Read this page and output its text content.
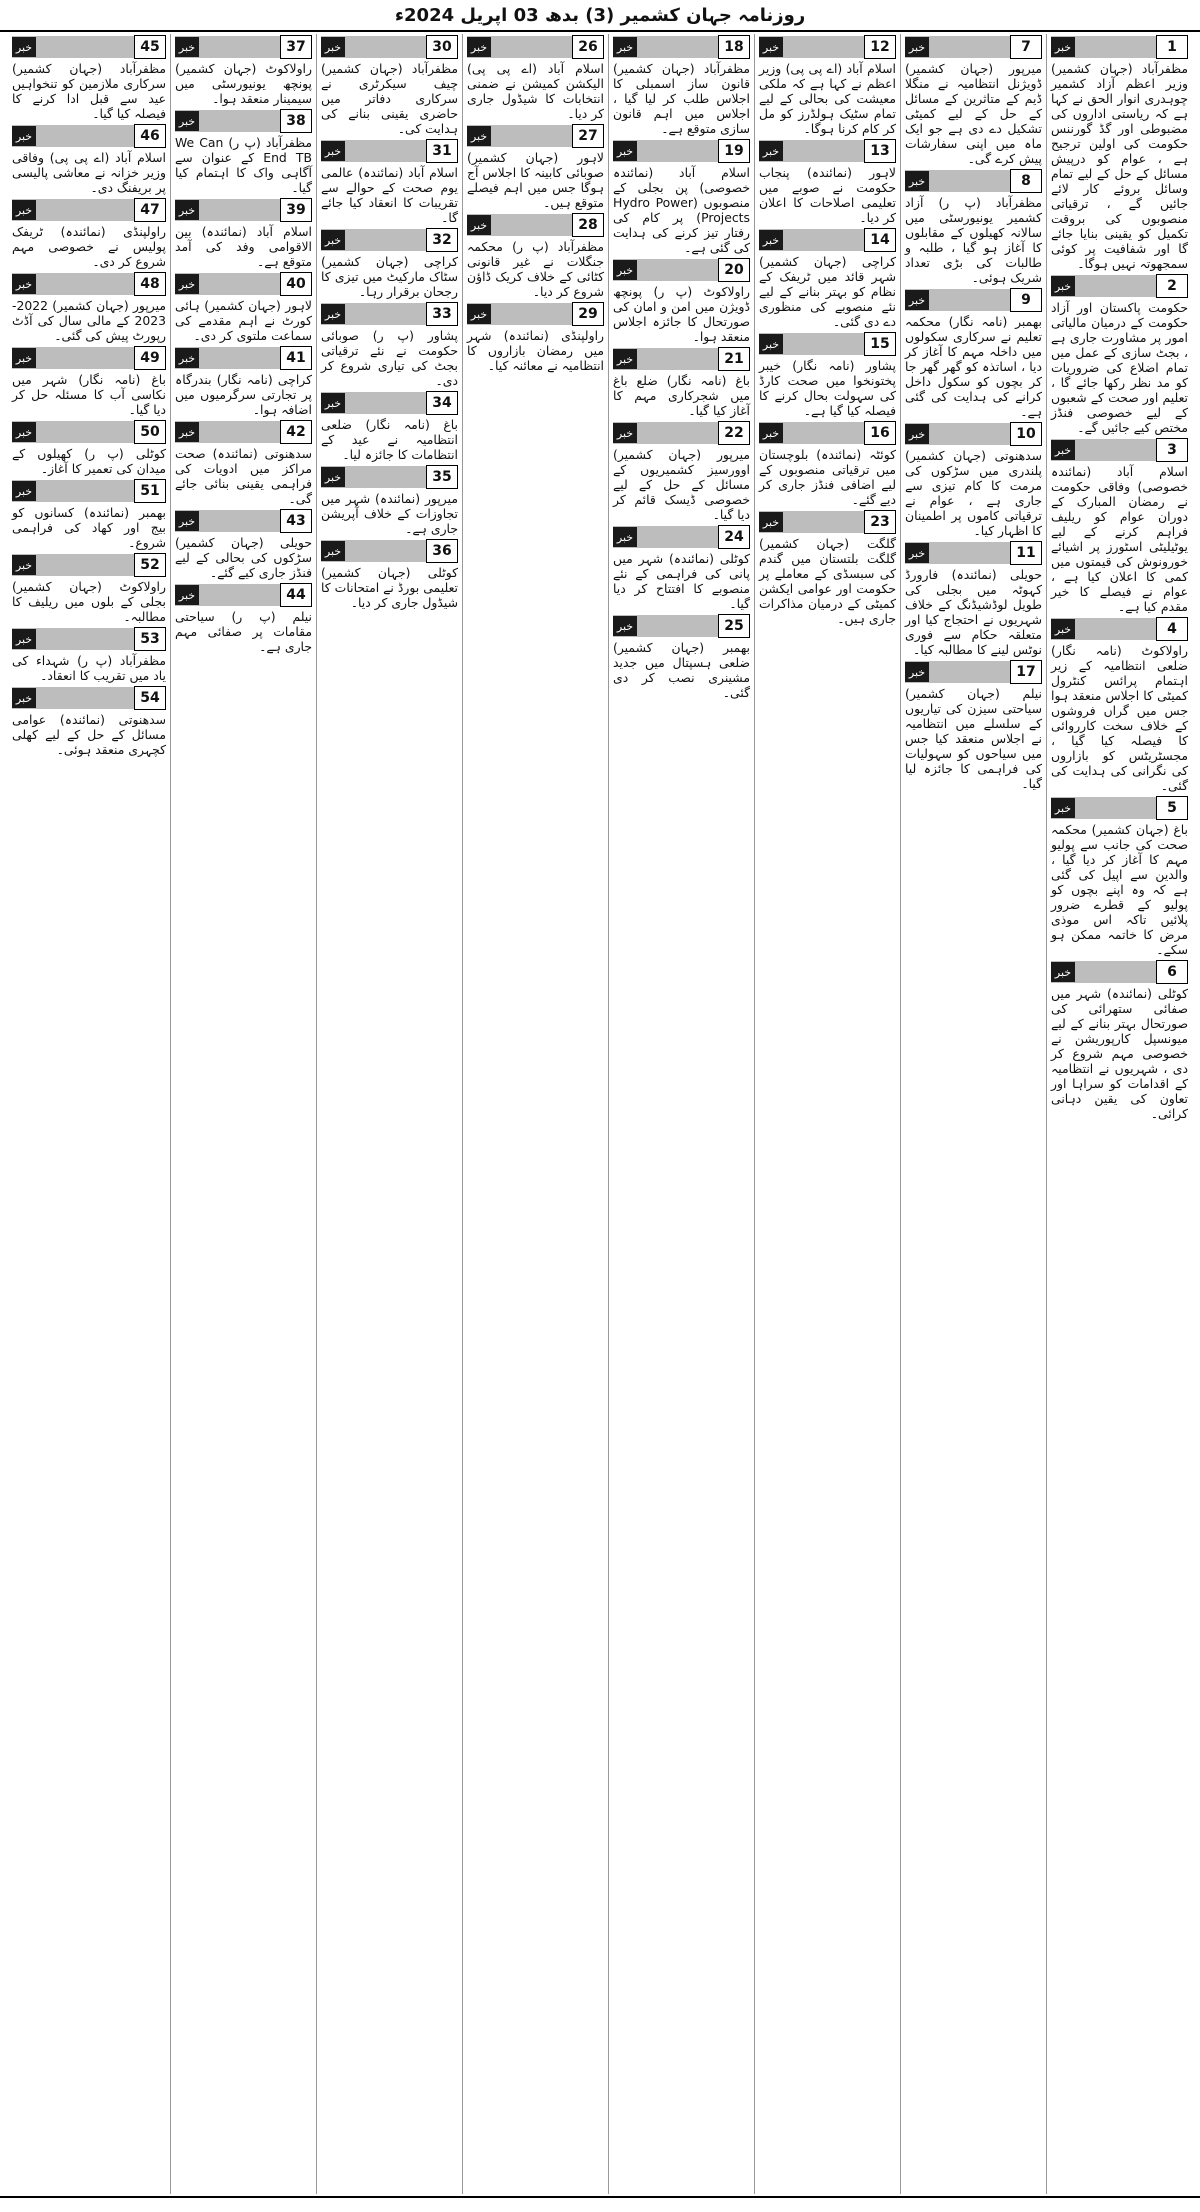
روزنامہ جہان کشمیر (3) بدھ 03 اپریل 2024ء
1
خبر
مظفرآباد (جہان کشمیر) وزیر اعظم آزاد کشمیر چوہدری انوار الحق نے کہا ہے کہ ریاستی اداروں کی مضبوطی اور گڈ گورننس حکومت کی اولین ترجیح ہے ، عوام کو درپیش مسائل کے حل کے لیے تمام وسائل بروئے کار لائے جائیں گے ، ترقیاتی منصوبوں کی بروقت تکمیل کو یقینی بنایا جائے گا اور شفافیت پر کوئی سمجھوتہ نہیں ہوگا۔
2
خبر
حکومت پاکستان اور آزاد حکومت کے درمیان مالیاتی امور پر مشاورت جاری ہے ، بجٹ سازی کے عمل میں تمام اضلاع کی ضروریات کو مد نظر رکھا جائے گا ، تعلیم اور صحت کے شعبوں کے لیے خصوصی فنڈز مختص کیے جائیں گے۔
3
خبر
اسلام آباد (نمائندہ خصوصی) وفاقی حکومت نے رمضان المبارک کے دوران عوام کو ریلیف فراہم کرنے کے لیے یوٹیلیٹی اسٹورز پر اشیائے خورونوش کی قیمتوں میں کمی کا اعلان کیا ہے ، عوام نے فیصلے کا خیر مقدم کیا ہے۔
4
خبر
راولاکوٹ (نامہ نگار) ضلعی انتظامیہ کے زیر اہتمام پرائس کنٹرول کمیٹی کا اجلاس منعقد ہوا جس میں گراں فروشوں کے خلاف سخت کارروائی کا فیصلہ کیا گیا ، مجسٹریٹس کو بازاروں کی نگرانی کی ہدایت کی گئی۔
5
خبر
باغ (جہان کشمیر) محکمہ صحت کی جانب سے پولیو مہم کا آغاز کر دیا گیا ، والدین سے اپیل کی گئی ہے کہ وہ اپنے بچوں کو پولیو کے قطرے ضرور پلائیں تاکہ اس موذی مرض کا خاتمہ ممکن ہو سکے۔
6
خبر
کوٹلی (نمائندہ) شہر میں صفائی ستھرائی کی صورتحال بہتر بنانے کے لیے میونسپل کارپوریشن نے خصوصی مہم شروع کر دی ، شہریوں نے انتظامیہ کے اقدامات کو سراہا اور تعاون کی یقین دہانی کرائی۔
7
خبر
میرپور (جہان کشمیر) ڈویژنل انتظامیہ نے منگلا ڈیم کے متاثرین کے مسائل کے حل کے لیے کمیٹی تشکیل دے دی ہے جو ایک ماہ میں اپنی سفارشات پیش کرے گی۔
8
خبر
مظفرآباد (پ ر) آزاد کشمیر یونیورسٹی میں سالانہ کھیلوں کے مقابلوں کا آغاز ہو گیا ، طلبہ و طالبات کی بڑی تعداد شریک ہوئی۔
9
خبر
بھمبر (نامہ نگار) محکمہ تعلیم نے سرکاری سکولوں میں داخلہ مہم کا آغاز کر دیا ، اساتذہ کو گھر گھر جا کر بچوں کو سکول داخل کرانے کی ہدایت کی گئی ہے۔
10
خبر
سدھنوتی (جہان کشمیر) پلندری میں سڑکوں کی مرمت کا کام تیزی سے جاری ہے ، عوام نے ترقیاتی کاموں پر اطمینان کا اظہار کیا۔
11
خبر
حویلی (نمائندہ) فارورڈ کہوٹہ میں بجلی کی طویل لوڈشیڈنگ کے خلاف شہریوں نے احتجاج کیا اور متعلقہ حکام سے فوری نوٹس لینے کا مطالبہ کیا۔
17
خبر
نیلم (جہان کشمیر) سیاحتی سیزن کی تیاریوں کے سلسلے میں انتظامیہ نے اجلاس منعقد کیا جس میں سیاحوں کو سہولیات کی فراہمی کا جائزہ لیا گیا۔
12
خبر
اسلام آباد (اے پی پی) وزیر اعظم نے کہا ہے کہ ملکی معیشت کی بحالی کے لیے تمام سٹیک ہولڈرز کو مل کر کام کرنا ہوگا۔
13
خبر
لاہور (نمائندہ) پنجاب حکومت نے صوبے میں تعلیمی اصلاحات کا اعلان کر دیا۔
14
خبر
کراچی (جہان کشمیر) شہر قائد میں ٹریفک کے نظام کو بہتر بنانے کے لیے نئے منصوبے کی منظوری دے دی گئی۔
15
خبر
پشاور (نامہ نگار) خیبر پختونخوا میں صحت کارڈ کی سہولت بحال کرنے کا فیصلہ کیا گیا ہے۔
16
خبر
کوئٹہ (نمائندہ) بلوچستان میں ترقیاتی منصوبوں کے لیے اضافی فنڈز جاری کر دیے گئے۔
23
خبر
گلگت (جہان کشمیر) گلگت بلتستان میں گندم کی سبسڈی کے معاملے پر حکومت اور عوامی ایکشن کمیٹی کے درمیان مذاکرات جاری ہیں۔
18
خبر
مظفرآباد (جہان کشمیر) قانون ساز اسمبلی کا اجلاس طلب کر لیا گیا ، اجلاس میں اہم قانون سازی متوقع ہے۔
19
خبر
اسلام آباد (نمائندہ خصوصی) پن بجلی کے منصوبوں (Hydro Power Projects) پر کام کی رفتار تیز کرنے کی ہدایت کی گئی ہے۔
20
خبر
راولاکوٹ (پ ر) پونچھ ڈویژن میں امن و امان کی صورتحال کا جائزہ اجلاس منعقد ہوا۔
21
خبر
باغ (نامہ نگار) ضلع باغ میں شجرکاری مہم کا آغاز کیا گیا۔
22
خبر
میرپور (جہان کشمیر) اوورسیز کشمیریوں کے مسائل کے حل کے لیے خصوصی ڈیسک قائم کر دیا گیا۔
24
خبر
کوٹلی (نمائندہ) شہر میں پانی کی فراہمی کے نئے منصوبے کا افتتاح کر دیا گیا۔
25
خبر
بھمبر (جہان کشمیر) ضلعی ہسپتال میں جدید مشینری نصب کر دی گئی۔
26
خبر
اسلام آباد (اے پی پی) الیکشن کمیشن نے ضمنی انتخابات کا شیڈول جاری کر دیا۔
27
خبر
لاہور (جہان کشمیر) صوبائی کابینہ کا اجلاس آج ہوگا جس میں اہم فیصلے متوقع ہیں۔
28
خبر
مظفرآباد (پ ر) محکمہ جنگلات نے غیر قانونی کٹائی کے خلاف کریک ڈاؤن شروع کر دیا۔
29
خبر
راولپنڈی (نمائندہ) شہر میں رمضان بازاروں کا انتظامیہ نے معائنہ کیا۔
30
خبر
مظفرآباد (جہان کشمیر) چیف سیکرٹری نے سرکاری دفاتر میں حاضری یقینی بنانے کی ہدایت کی۔
31
خبر
اسلام آباد (نمائندہ) عالمی یوم صحت کے حوالے سے تقریبات کا انعقاد کیا جائے گا۔
32
خبر
کراچی (جہان کشمیر) سٹاک مارکیٹ میں تیزی کا رجحان برقرار رہا۔
33
خبر
پشاور (پ ر) صوبائی حکومت نے نئے ترقیاتی بجٹ کی تیاری شروع کر دی۔
34
خبر
باغ (نامہ نگار) ضلعی انتظامیہ نے عید کے انتظامات کا جائزہ لیا۔
35
خبر
میرپور (نمائندہ) شہر میں تجاوزات کے خلاف آپریشن جاری ہے۔
36
خبر
کوٹلی (جہان کشمیر) تعلیمی بورڈ نے امتحانات کا شیڈول جاری کر دیا۔
37
خبر
راولاکوٹ (جہان کشمیر) پونچھ یونیورسٹی میں سیمینار منعقد ہوا۔
38
خبر
مظفرآباد (پ ر) We Can End TB کے عنوان سے آگاہی واک کا اہتمام کیا گیا۔
39
خبر
اسلام آباد (نمائندہ) بین الاقوامی وفد کی آمد متوقع ہے۔
40
خبر
لاہور (جہان کشمیر) ہائی کورٹ نے اہم مقدمے کی سماعت ملتوی کر دی۔
41
خبر
کراچی (نامہ نگار) بندرگاہ پر تجارتی سرگرمیوں میں اضافہ ہوا۔
42
خبر
سدھنوتی (نمائندہ) صحت مراکز میں ادویات کی فراہمی یقینی بنائی جائے گی۔
43
خبر
حویلی (جہان کشمیر) سڑکوں کی بحالی کے لیے فنڈز جاری کیے گئے۔
44
خبر
نیلم (پ ر) سیاحتی مقامات پر صفائی مہم جاری ہے۔
45
خبر
مظفرآباد (جہان کشمیر) سرکاری ملازمین کو تنخواہیں عید سے قبل ادا کرنے کا فیصلہ کیا گیا۔
46
خبر
اسلام آباد (اے پی پی) وفاقی وزیر خزانہ نے معاشی پالیسی پر بریفنگ دی۔
47
خبر
راولپنڈی (نمائندہ) ٹریفک پولیس نے خصوصی مہم شروع کر دی۔
48
خبر
میرپور (جہان کشمیر) 2022-2023 کے مالی سال کی آڈٹ رپورٹ پیش کی گئی۔
49
خبر
باغ (نامہ نگار) شہر میں نکاسی آب کا مسئلہ حل کر دیا گیا۔
50
خبر
کوٹلی (پ ر) کھیلوں کے میدان کی تعمیر کا آغاز۔
51
خبر
بھمبر (نمائندہ) کسانوں کو بیج اور کھاد کی فراہمی شروع۔
52
خبر
راولاکوٹ (جہان کشمیر) بجلی کے بلوں میں ریلیف کا مطالبہ۔
53
خبر
مظفرآباد (پ ر) شہداء کی یاد میں تقریب کا انعقاد۔
54
خبر
سدھنوتی (نمائندہ) عوامی مسائل کے حل کے لیے کھلی کچہری منعقد ہوئی۔
